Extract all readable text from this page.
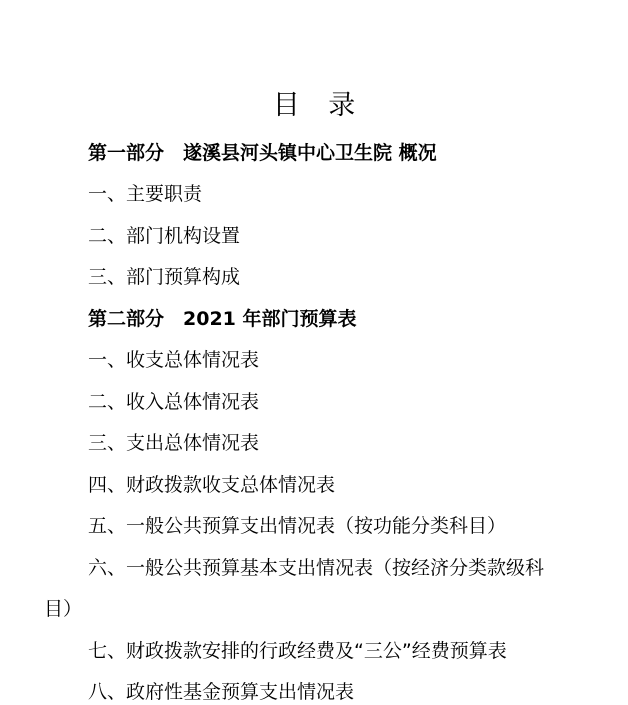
目 录
第一部分　遂溪县河头镇中心卫生院 概况
一、主要职责
二、部门机构设置
三、部门预算构成
第二部分　2021 年部门预算表
一、收支总体情况表
二、收入总体情况表
三、支出总体情况表
四、财政拨款收支总体情况表
五、一般公共预算支出情况表（按功能分类科目）
六、一般公共预算基本支出情况表（按经济分类款级科
目）
七、财政拨款安排的行政经费及“三公”经费预算表
八、政府性基金预算支出情况表
